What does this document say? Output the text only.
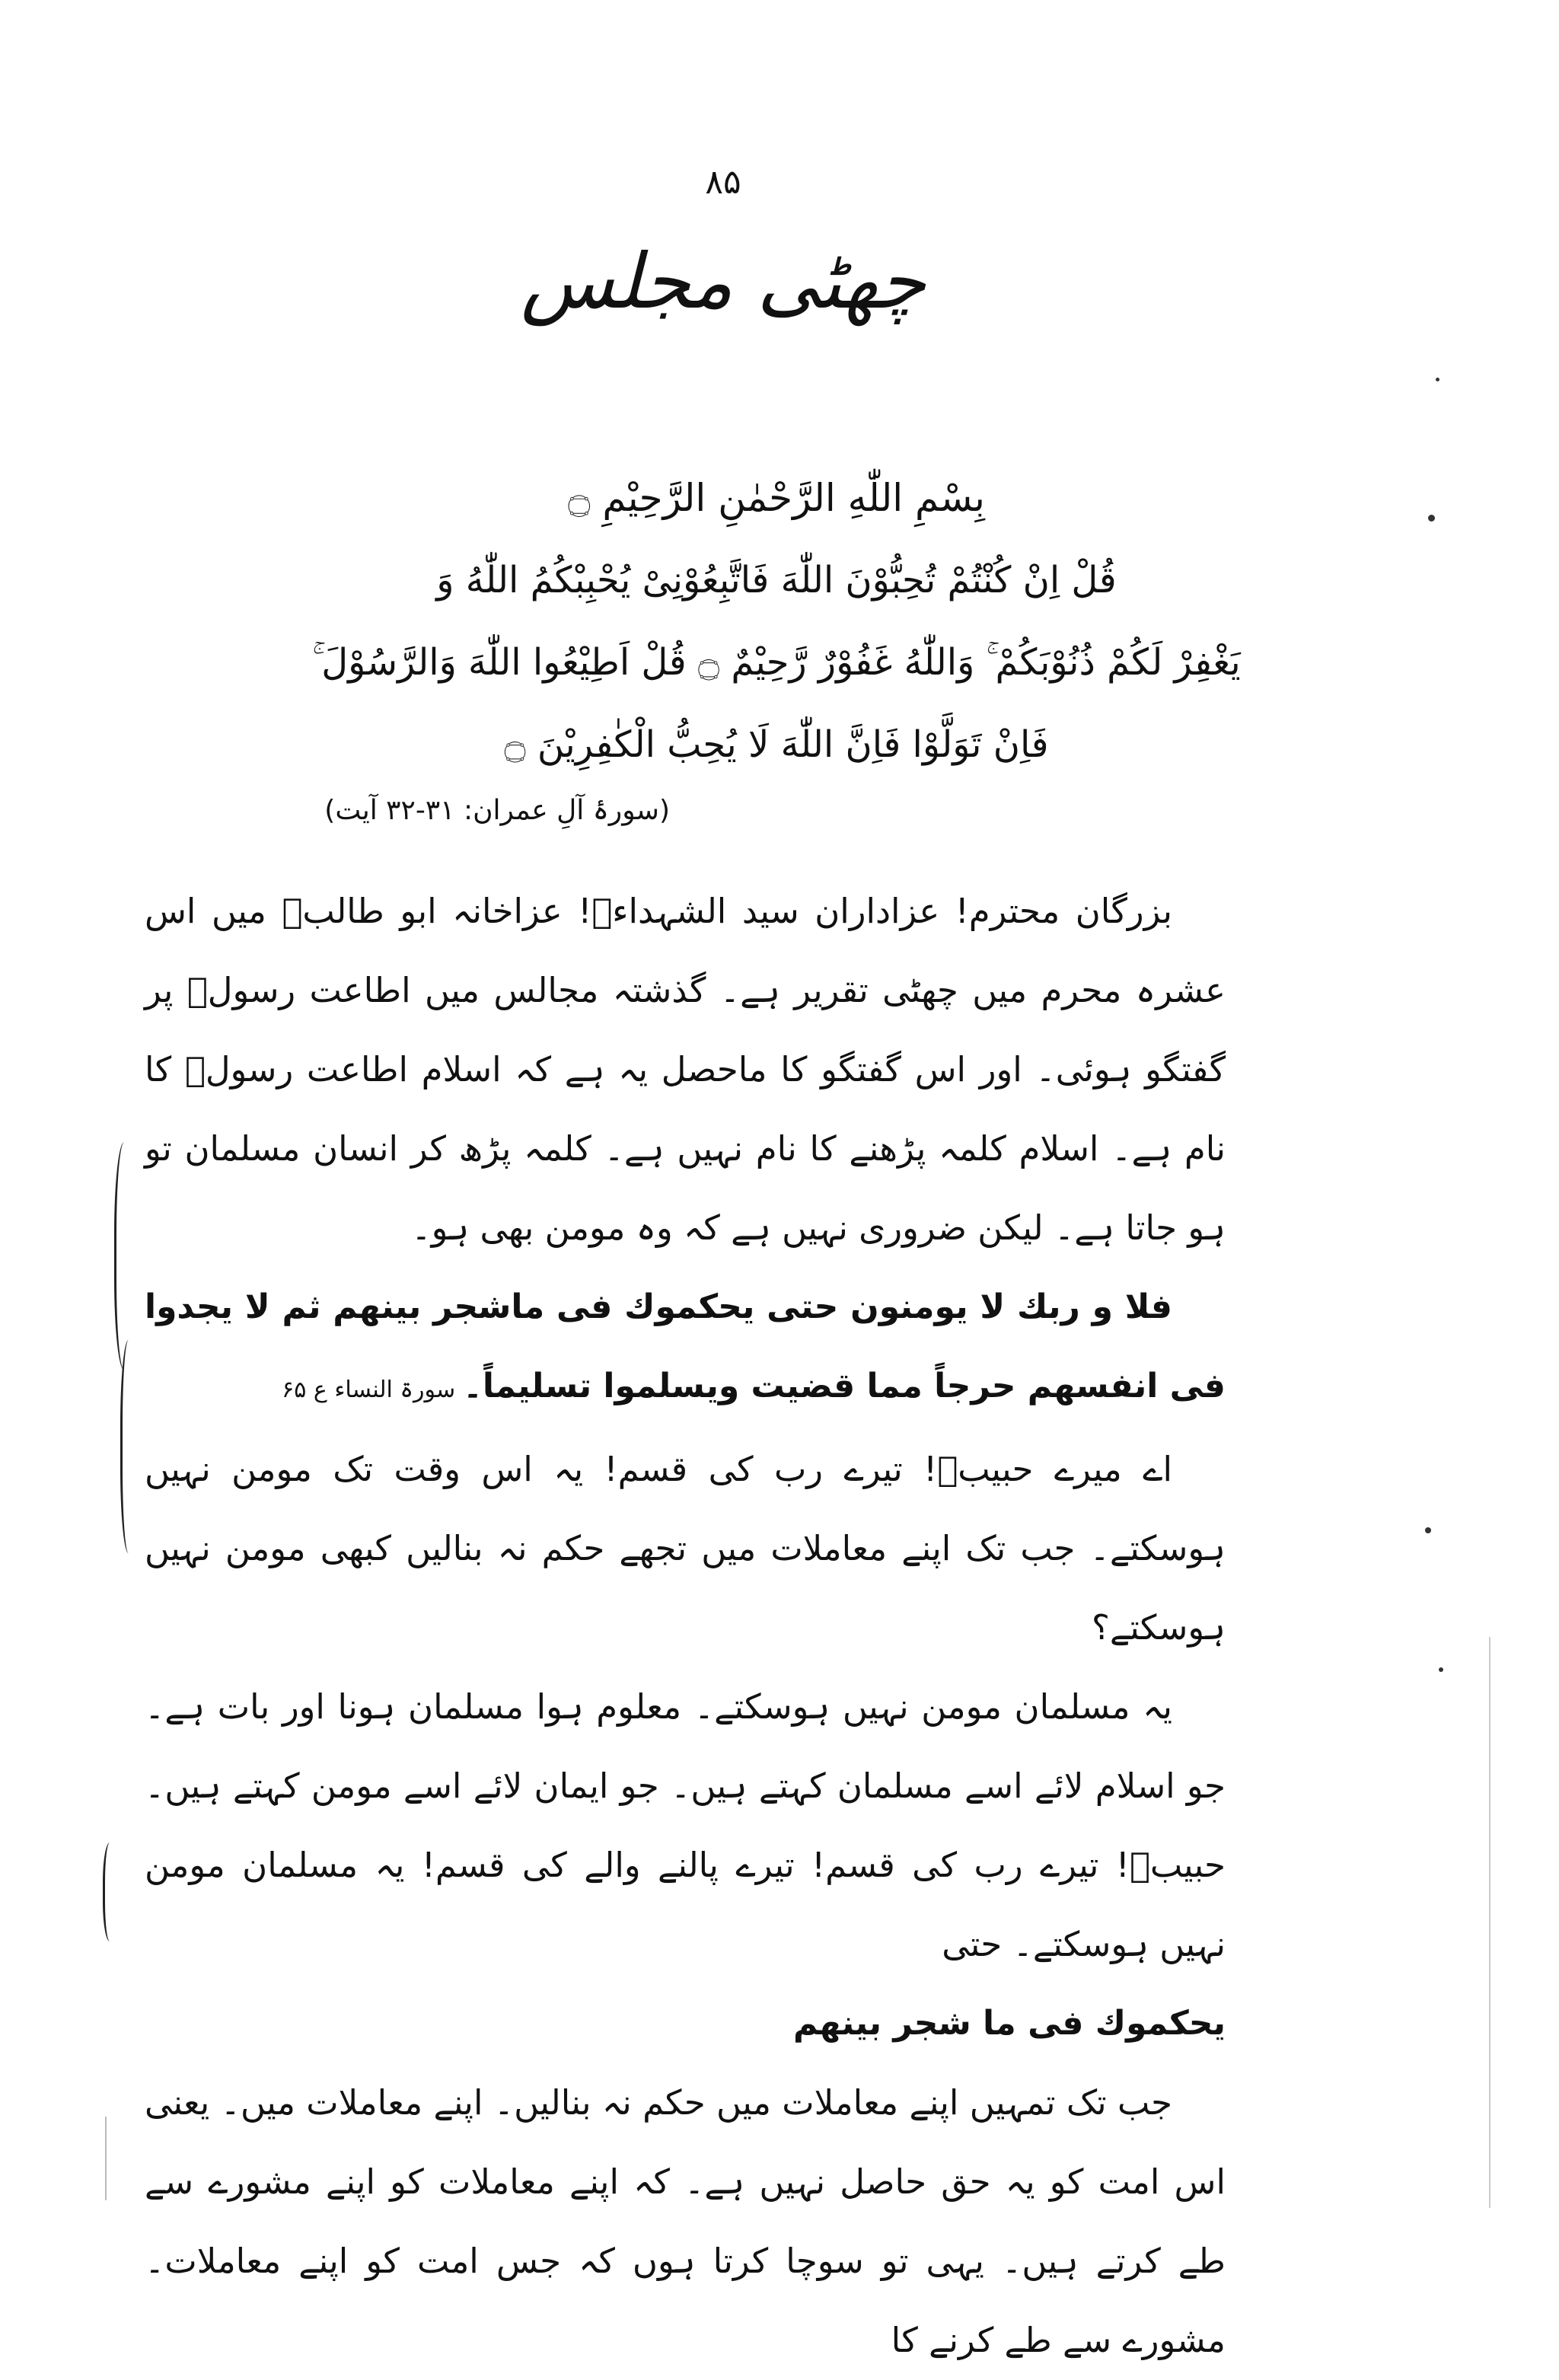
۸۵
چھٹی مجلس
بِسْمِ اللّٰهِ الرَّحْمٰنِ الرَّحِيْمِ ۝
قُلْ اِنْ كُنْتُمْ تُحِبُّوْنَ اللّٰهَ فَاتَّبِعُوْنِىْ يُحْبِبْكُمُ اللّٰهُ وَ
يَغْفِرْ لَكُمْ ذُنُوْبَكُمْ ۚ وَاللّٰهُ غَفُوْرٌ رَّحِيْمٌ ۝ قُلْ اَطِيْعُوا اللّٰهَ وَالرَّسُوْلَ ۚ
فَاِنْ تَوَلَّوْا فَاِنَّ اللّٰهَ لَا يُحِبُّ الْكٰفِرِيْنَ ۝
(سورۂ آلِ عمران: ۳۱-۳۲ آیت)

بزرگان محترم! عزاداران سید الشہداءؑ! عزاخانہ ابو طالبؑ میں اس عشرہ محرم میں چھٹی تقریر ہے۔ گذشتہ مجالس میں اطاعت رسولؐ پر گفتگو ہوئی۔ اور اس گفتگو کا ماحصل یہ ہے کہ اسلام اطاعت رسولؐ کا نام ہے۔ اسلام کلمہ پڑھنے کا نام نہیں ہے۔ کلمہ پڑھ کر انسان مسلمان تو ہو جاتا ہے۔ لیکن ضروری نہیں ہے کہ وہ مومن بھی ہو۔

فلا و ربك لا يومنون حتى يحكموك فى ماشجر بينهم ثم لا يجدوا فى انفسهم حرجاً مما قضيت ويسلموا تسليماً۔سورۃ النساء ع ۶۵

اے میرے حبیبؐ! تیرے رب کی قسم! یہ اس وقت تک مومن نہیں ہوسکتے۔ جب تک اپنے معاملات میں تجھے حکم نہ بنالیں کبھی مومن نہیں ہوسکتے؟

یہ مسلمان مومن نہیں ہوسکتے۔ معلوم ہوا مسلمان ہونا اور بات ہے۔ جو اسلام لائے اسے مسلمان کہتے ہیں۔ جو ایمان لائے اسے مومن کہتے ہیں۔ حبیبؐ! تیرے رب کی قسم! تیرے پالنے والے کی قسم! یہ مسلمان مومن نہیں ہوسکتے۔ حتی

يحكموك فى ما شجر بينهم

جب تک تمہیں اپنے معاملات میں حکم نہ بنالیں۔ اپنے معاملات میں۔ یعنی اس امت کو یہ حق حاصل نہیں ہے۔ کہ اپنے معاملات کو اپنے مشورے سے طے کرتے ہیں۔ یہی تو سوچا کرتا ہوں کہ جس امت کو اپنے معاملات۔ مشورے سے طے کرنے کا
